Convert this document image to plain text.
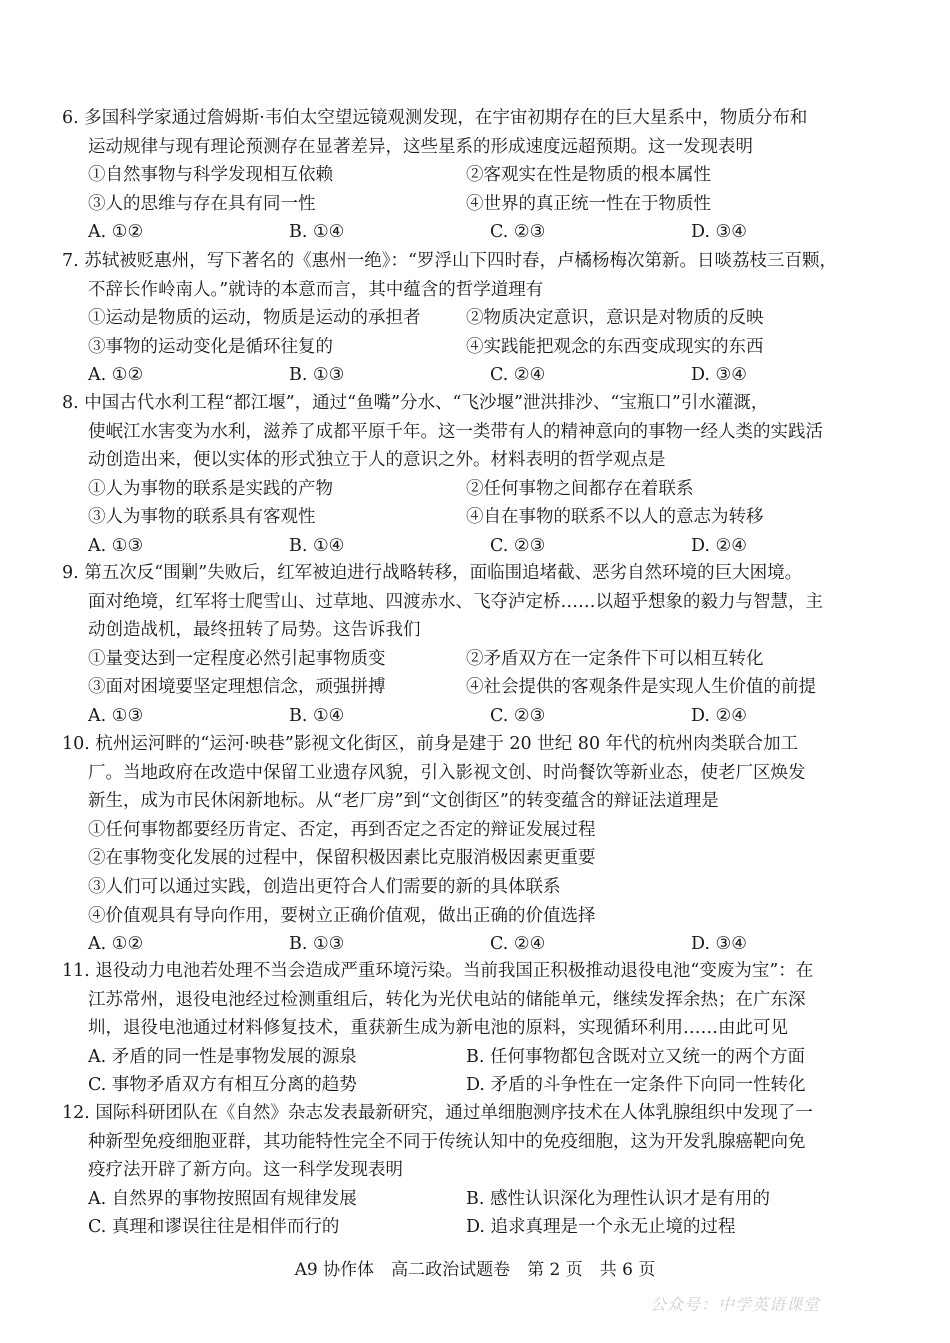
6. 多国科学家通过詹姆斯·韦伯太空望远镜观测发现，在宇宙初期存在的巨大星系中，物质分布和
运动规律与现有理论预测存在显著差异，这些星系的形成速度远超预期。这一发现表明
①自然事物与科学发现相互依赖	②客观实在性是物质的根本属性
③人的思维与存在具有同一性	④世界的真正统一性在于物质性
A. ①②	B. ①④	C. ②③	D. ③④
7. 苏轼被贬惠州，写下著名的《惠州一绝》：“罗浮山下四时春，卢橘杨梅次第新。日啖荔枝三百颗，
不辞长作岭南人。”就诗的本意而言，其中蕴含的哲学道理有
①运动是物质的运动，物质是运动的承担者	②物质决定意识，意识是对物质的反映
③事物的运动变化是循环往复的	④实践能把观念的东西变成现实的东西
A. ①②	B. ①③	C. ②④	D. ③④
8. 中国古代水利工程“都江堰”，通过“鱼嘴”分水、“飞沙堰”泄洪排沙、“宝瓶口”引水灌溉，
使岷江水害变为水利，滋养了成都平原千年。这一类带有人的精神意向的事物一经人类的实践活
动创造出来，便以实体的形式独立于人的意识之外。材料表明的哲学观点是
①人为事物的联系是实践的产物	②任何事物之间都存在着联系
③人为事物的联系具有客观性	④自在事物的联系不以人的意志为转移
A. ①③	B. ①④	C. ②③	D. ②④
9. 第五次反“围剿”失败后，红军被迫进行战略转移，面临围追堵截、恶劣自然环境的巨大困境。
面对绝境，红军将士爬雪山、过草地、四渡赤水、飞夺泸定桥……以超乎想象的毅力与智慧，主
动创造战机，最终扭转了局势。这告诉我们
①量变达到一定程度必然引起事物质变	②矛盾双方在一定条件下可以相互转化
③面对困境要坚定理想信念，顽强拼搏	④社会提供的客观条件是实现人生价值的前提
A. ①③	B. ①④	C. ②③	D. ②④
10. 杭州运河畔的“运河·映巷”影视文化街区，前身是建于 20 世纪 80 年代的杭州肉类联合加工
厂。当地政府在改造中保留工业遗存风貌，引入影视文创、时尚餐饮等新业态，使老厂区焕发
新生，成为市民休闲新地标。从“老厂房”到“文创街区”的转变蕴含的辩证法道理是
①任何事物都要经历肯定、否定，再到否定之否定的辩证发展过程
②在事物变化发展的过程中，保留积极因素比克服消极因素更重要
③人们可以通过实践，创造出更符合人们需要的新的具体联系
④价值观具有导向作用，要树立正确价值观，做出正确的价值选择
A. ①②	B. ①③	C. ②④	D. ③④
11. 退役动力电池若处理不当会造成严重环境污染。当前我国正积极推动退役电池“变废为宝”：在
江苏常州，退役电池经过检测重组后，转化为光伏电站的储能单元，继续发挥余热；在广东深
圳，退役电池通过材料修复技术，重获新生成为新电池的原料，实现循环利用……由此可见
A. 矛盾的同一性是事物发展的源泉	B. 任何事物都包含既对立又统一的两个方面
C. 事物矛盾双方有相互分离的趋势	D. 矛盾的斗争性在一定条件下向同一性转化
12. 国际科研团队在《自然》杂志发表最新研究，通过单细胞测序技术在人体乳腺组织中发现了一
种新型免疫细胞亚群，其功能特性完全不同于传统认知中的免疫细胞，这为开发乳腺癌靶向免
疫疗法开辟了新方向。这一科学发现表明
A. 自然界的事物按照固有规律发展	B. 感性认识深化为理性认识才是有用的
C. 真理和谬误往往是相伴而行的	D. 追求真理是一个永无止境的过程
A9 协作体　高二政治试题卷　第 2 页　共 6 页
公众号：中学英语课堂
